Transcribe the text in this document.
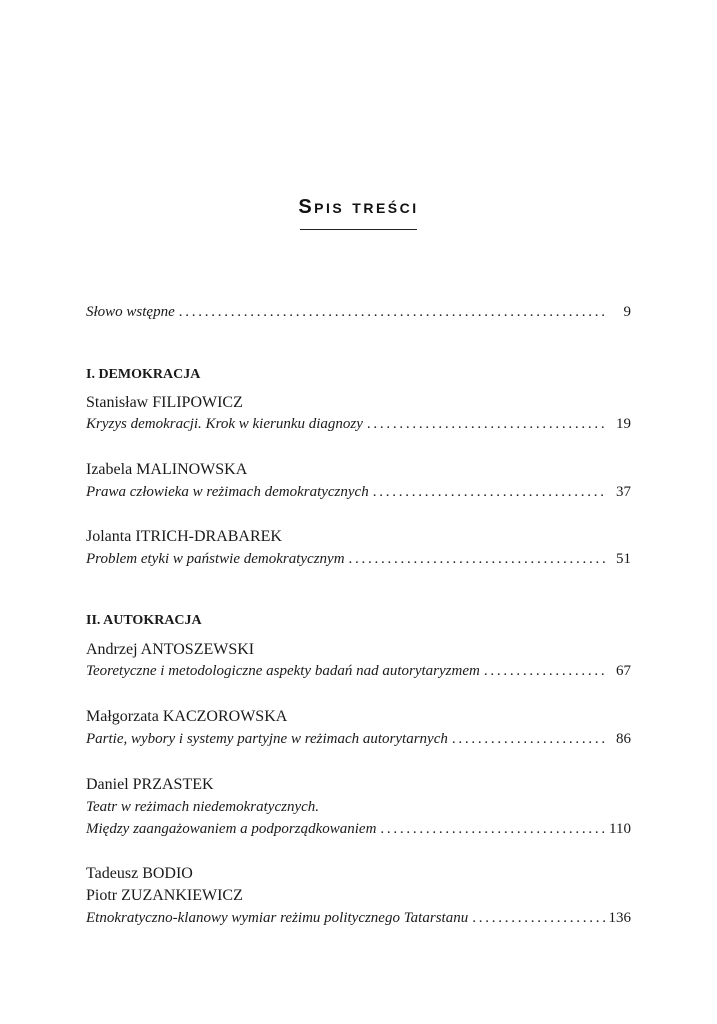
Spis treści
Słowo wstępne . . .	9
I. DEMOKRACJA
Stanisław FILIPOWICZ
Kryzys demokracji. Krok w kierunku diagnozy . . .	19
Izabela MALINOWSKA
Prawa człowieka w reżimach demokratycznych . . .	37
Jolanta ITRICH-DRABAREK
Problem etyki w państwie demokratycznym . . .	51
II. AUTOKRACJA
Andrzej ANTOSZEWSKI
Teoretyczne i metodologiczne aspekty badań nad autorytaryzmem . . .	67
Małgorzata KACZOROWSKA
Partie, wybory i systemy partyjne w reżimach autorytarnych . . .	86
Daniel PRZASTEK
Teatr w reżimach niedemokratycznych.
Między zaangażowaniem a podporządkowaniem . . .	110
Tadeusz BODIO
Piotr ZUZANKIEWICZ
Etnokratyczno-klanowy wymiar reżimu politycznego Tatarstanu . . .	136
